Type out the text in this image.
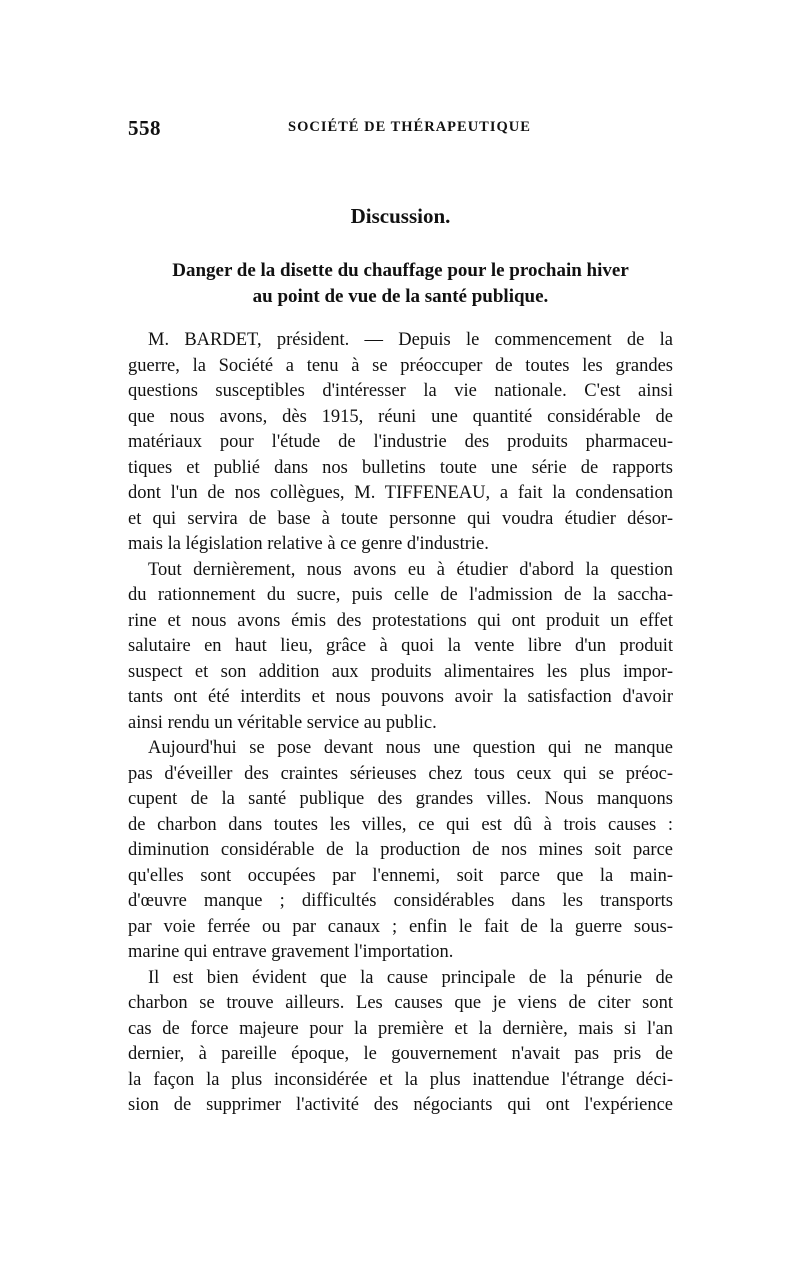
558	SOCIÉTÉ DE THÉRAPEUTIQUE
Discussion.
Danger de la disette du chauffage pour le prochain hiver
au point de vue de la santé publique.
M. BARDET, président. — Depuis le commencement de la
guerre, la Société a tenu à se préoccuper de toutes les grandes
questions susceptibles d'intéresser la vie nationale. C'est ainsi
que nous avons, dès 1915, réuni une quantité considérable de
matériaux pour l'étude de l'industrie des produits pharmaceu-
tiques et publié dans nos bulletins toute une série de rapports
dont l'un de nos collègues, M. TIFFENEAU, a fait la condensation
et qui servira de base à toute personne qui voudra étudier désor-
mais la législation relative à ce genre d'industrie.
Tout dernièrement, nous avons eu à étudier d'abord la question
du rationnement du sucre, puis celle de l'admission de la saccha-
rine et nous avons émis des protestations qui ont produit un effet
salutaire en haut lieu, grâce à quoi la vente libre d'un produit
suspect et son addition aux produits alimentaires les plus impor-
tants ont été interdits et nous pouvons avoir la satisfaction d'avoir
ainsi rendu un véritable service au public.
Aujourd'hui se pose devant nous une question qui ne manque
pas d'éveiller des craintes sérieuses chez tous ceux qui se préoc-
cupent de la santé publique des grandes villes. Nous manquons
de charbon dans toutes les villes, ce qui est dû à trois causes :
diminution considérable de la production de nos mines soit parce
qu'elles sont occupées par l'ennemi, soit parce que la main-
d'œuvre manque ; difficultés considérables dans les transports
par voie ferrée ou par canaux ; enfin le fait de la guerre sous-
marine qui entrave gravement l'importation.
Il est bien évident que la cause principale de la pénurie de
charbon se trouve ailleurs. Les causes que je viens de citer sont
cas de force majeure pour la première et la dernière, mais si l'an
dernier, à pareille époque, le gouvernement n'avait pas pris de
la façon la plus inconsidérée et la plus inattendue l'étrange déci-
sion de supprimer l'activité des négociants qui ont l'expérience
